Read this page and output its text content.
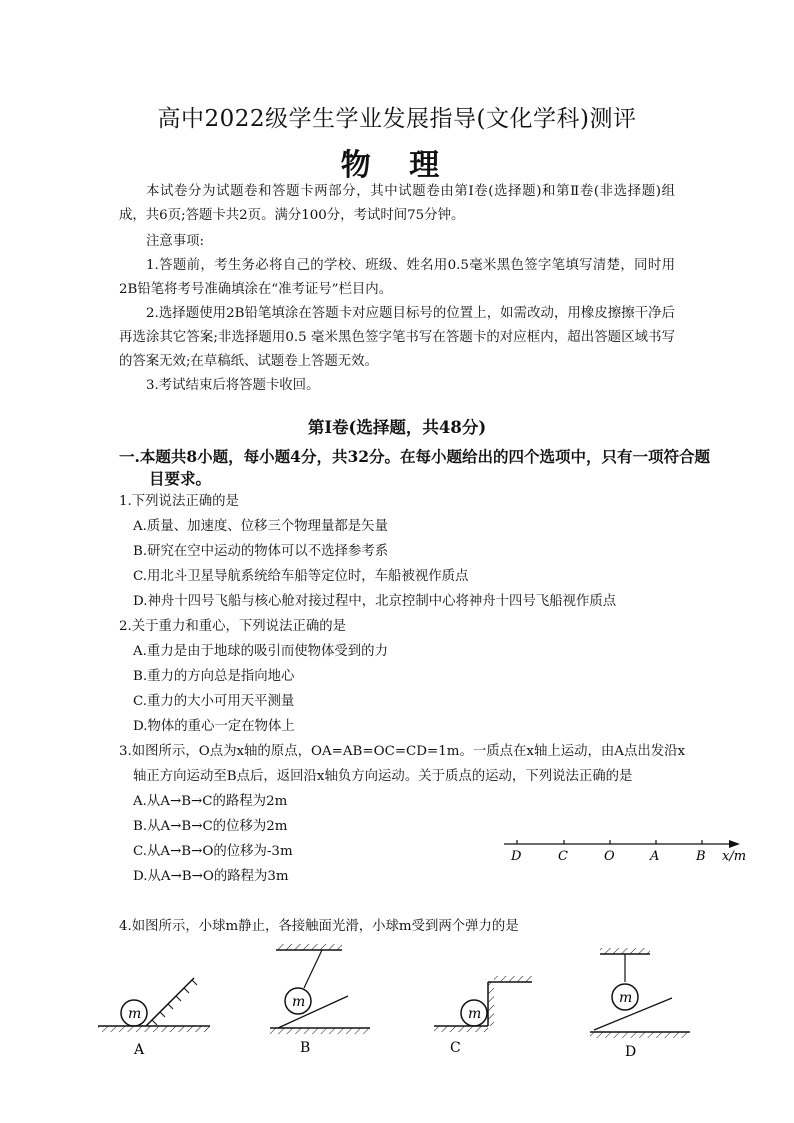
高中2022级学生学业发展指导(文化学科)测评
物 理
本试卷分为试题卷和答题卡两部分，其中试题卷由第Ⅰ卷(选择题)和第Ⅱ卷(非选择题)组成，共6页;答题卡共2页。满分100分，考试时间75分钟。
注意事项:
1.答题前，考生务必将自己的学校、班级、姓名用0.5毫米黑色签字笔填写清楚，同时用2B铅笔将考号准确填涂在“准考证号”栏目内。
2.选择题使用2B铅笔填涂在答题卡对应题目标号的位置上，如需改动，用橡皮擦擦干净后再选涂其它答案;非选择题用0.5 毫米黑色签字笔书写在答题卡的对应框内，超出答题区域书写的答案无效;在草稿纸、试题卷上答题无效。
3.考试结束后将答题卡收回。
第Ⅰ卷(选择题，共48分)
一.本题共8小题，每小题4分，共32分。在每小题给出的四个选项中，只有一项符合题目要求。
1.下列说法正确的是
A.质量、加速度、位移三个物理量都是矢量
B.研究在空中运动的物体可以不选择参考系
C.用北斗卫星导航系统给车船等定位时，车船被视作质点
D.神舟十四号飞船与核心舱对接过程中，北京控制中心将神舟十四号飞船视作质点
2.关于重力和重心，下列说法正确的是
A.重力是由于地球的吸引而使物体受到的力
B.重力的方向总是指向地心
C.重力的大小可用天平测量
D.物体的重心一定在物体上
3.如图所示，O点为x轴的原点，OA=AB=OC=CD=1m。一质点在x轴上运动，由A点出发沿x轴正方向运动至B点后，返回沿x轴负方向运动。关于质点的运动，下列说法正确的是
A.从A→B→C的路程为2m
B.从A→B→C的位移为2m
C.从A→B→O的位移为-3m
D.从A→B→O的路程为3m
D	C	O	A	B x/m
4.如图所示，小球m静止，各接触面光滑，小球m受到两个弹力的是
m
A
m
B
m
C
m
D
